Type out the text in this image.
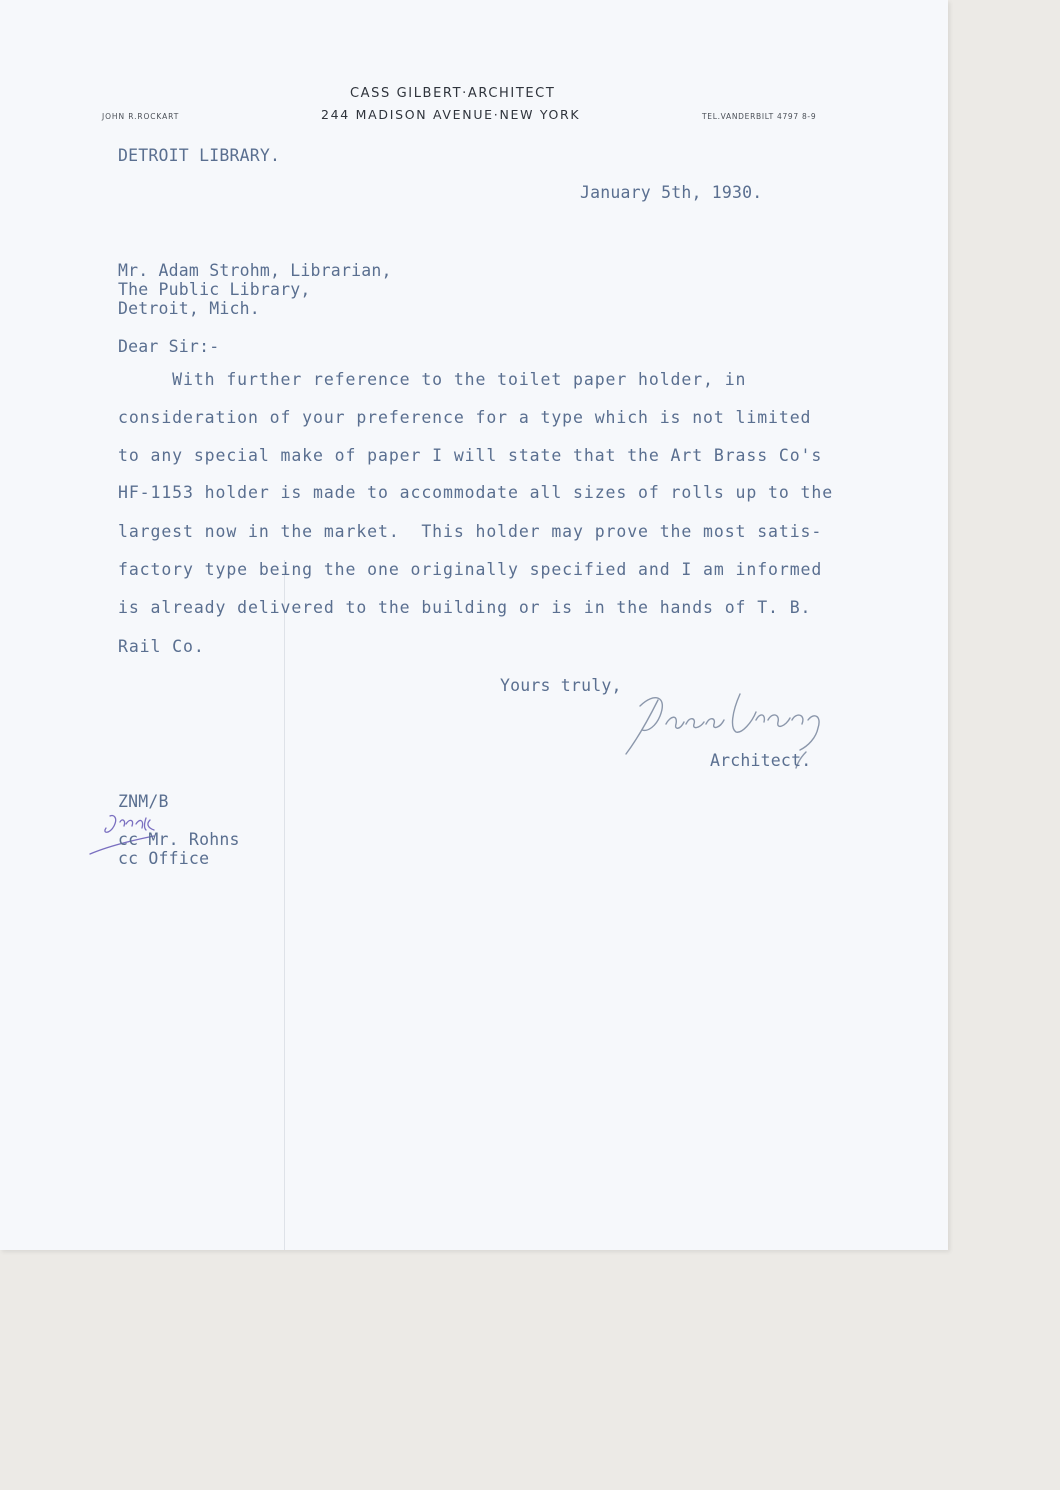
CASS GILBERT·ARCHITECT
244 MADISON AVENUE·NEW YORK
JOHN R.ROCKART	TEL.VANDERBILT 4797 8-9
DETROIT LIBRARY.
January 5th, 1930.
Mr. Adam Strohm, Librarian,
The Public Library,
Detroit, Mich.
Dear Sir:-
With further reference to the toilet paper holder, in
consideration of your preference for a type which is not limited
to any special make of paper I will state that the Art Brass Co's
HF-1153 holder is made to accommodate all sizes of rolls up to the
largest now in the market.  This holder may prove the most satis-
factory type being the one originally specified and I am informed
is already delivered to the building or is in the hands of T. B.
Rail Co.
Yours truly,
Architect.
ZNM/B
cc Mr. Rohns
cc Office
